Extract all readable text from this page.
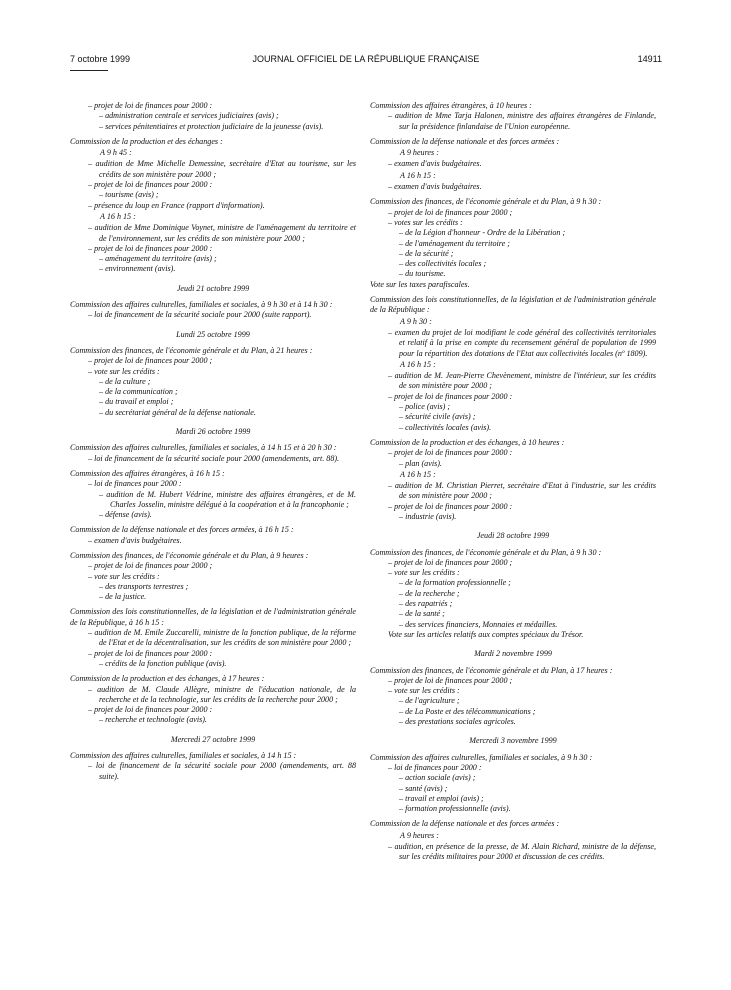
7 octobre 1999	JOURNAL OFFICIEL DE LA RÉPUBLIQUE FRANÇAISE	14911

– projet de loi de finances pour 2000 :

– administration centrale et services judiciaires (avis) ;

– services pénitentiaires et protection judiciaire de la jeunesse (avis).

Commission de la production et des échanges :

A 9 h 45 :

– audition de Mme Michelle Demessine, secrétaire d'Etat au tourisme, sur les crédits de son ministère pour 2000 ;

– projet de loi de finances pour 2000 :

– tourisme (avis) ;

– présence du loup en France (rapport d'information).

A 16 h 15 :

– audition de Mme Dominique Voynet, ministre de l'aménagement du territoire et de l'environnement, sur les crédits de son ministère pour 2000 ;

– projet de loi de finances pour 2000 :

– aménagement du territoire (avis) ;

– environnement (avis).

Jeudi 21 octobre 1999

Commission des affaires culturelles, familiales et sociales, à 9 h 30 et à 14 h 30 :

– loi de financement de la sécurité sociale pour 2000 (suite rapport).

Lundi 25 octobre 1999

Commission des finances, de l'économie générale et du Plan, à 21 heures :

– projet de loi de finances pour 2000 ;

– vote sur les crédits :

– de la culture ;

– de la communication ;

– du travail et emploi ;

– du secrétariat général de la défense nationale.

Mardi 26 octobre 1999

Commission des affaires culturelles, familiales et sociales, à 14 h 15 et à 20 h 30 :

– loi de financement de la sécurité sociale pour 2000 (amendements, art. 88).

Commission des affaires étrangères, à 16 h 15 :

– loi de finances pour 2000 :

– audition de M. Hubert Védrine, ministre des affaires étrangères, et de M. Charles Josselin, ministre délégué à la coopération et à la francophonie ;

– défense (avis).

Commission de la défense nationale et des forces armées, à 16 h 15 :

– examen d'avis budgétaires.

Commission des finances, de l'économie générale et du Plan, à 9 heures :

– projet de loi de finances pour 2000 ;

– vote sur les crédits :

– des transports terrestres ;

– de la justice.

Commission des lois constitutionnelles, de la législation et de l'administration générale de la République, à 16 h 15 :

– audition de M. Emile Zuccarelli, ministre de la fonction publique, de la réforme de l'Etat et de la décentralisation, sur les crédits de son ministère pour 2000 ;

– projet de loi de finances pour 2000 :

– crédits de la fonction publique (avis).

Commission de la production et des échanges, à 17 heures :

– audition de M. Claude Allègre, ministre de l'éducation nationale, de la recherche et de la technologie, sur les crédits de la recherche pour 2000 ;

– projet de loi de finances pour 2000 :

– recherche et technologie (avis).

Mercredi 27 octobre 1999

Commission des affaires culturelles, familiales et sociales, à 14 h 15 :

– loi de financement de la sécurité sociale pour 2000 (amendements, art. 88 suite).

Commission des affaires étrangères, à 10 heures :

– audition de Mme Tarja Halonen, ministre des affaires étrangères de Finlande, sur la présidence finlandaise de l'Union européenne.

Commission de la défense nationale et des forces armées :

A 9 heures :

– examen d'avis budgétaires.

A 16 h 15 :

– examen d'avis budgétaires.

Commission des finances, de l'économie générale et du Plan, à 9 h 30 :

– projet de loi de finances pour 2000 ;

– votes sur les crédits :

– de la Légion d'honneur - Ordre de la Libération ;

– de l'aménagement du territoire ;

– de la sécurité ;

– des collectivités locales ;

– du tourisme.

Vote sur les taxes parafiscales.

Commission des lois constitutionnelles, de la législation et de l'administration générale de la République :

A 9 h 30 :

– examen du projet de loi modifiant le code général des collectivités territoriales et relatif à la prise en compte du recensement général de population de 1999 pour la répartition des dotations de l'Etat aux collectivités locales (nº 1809).

A 16 h 15 :

– audition de M. Jean-Pierre Chevènement, ministre de l'intérieur, sur les crédits de son ministère pour 2000 ;

– projet de loi de finances pour 2000 :

– police (avis) ;

– sécurité civile (avis) ;

– collectivités locales (avis).

Commission de la production et des échanges, à 10 heures :

– projet de loi de finances pour 2000 :

– plan (avis).

A 16 h 15 :

– audition de M. Christian Pierret, secrétaire d'Etat à l'industrie, sur les crédits de son ministère pour 2000 ;

– projet de loi de finances pour 2000 :

– industrie (avis).

Jeudi 28 octobre 1999

Commission des finances, de l'économie générale et du Plan, à 9 h 30 :

– projet de loi de finances pour 2000 ;

– vote sur les crédits :

– de la formation professionnelle ;

– de la recherche ;

– des rapatriés ;

– de la santé ;

– des services financiers, Monnaies et médailles.

Vote sur les articles relatifs aux comptes spéciaux du Trésor.

Mardi 2 novembre 1999

Commission des finances, de l'économie générale et du Plan, à 17 heures :

– projet de loi de finances pour 2000 ;

– vote sur les crédits :

– de l'agriculture ;

– de La Poste et des télécommunications ;

– des prestations sociales agricoles.

Mercredi 3 novembre 1999

Commission des affaires culturelles, familiales et sociales, à 9 h 30 :

– loi de finances pour 2000 :

– action sociale (avis) ;

– santé (avis) ;

– travail et emploi (avis) ;

– formation professionnelle (avis).

Commission de la défense nationale et des forces armées :

A 9 heures :

– audition, en présence de la presse, de M. Alain Richard, ministre de la défense, sur les crédits militaires pour 2000 et discussion de ces crédits.
